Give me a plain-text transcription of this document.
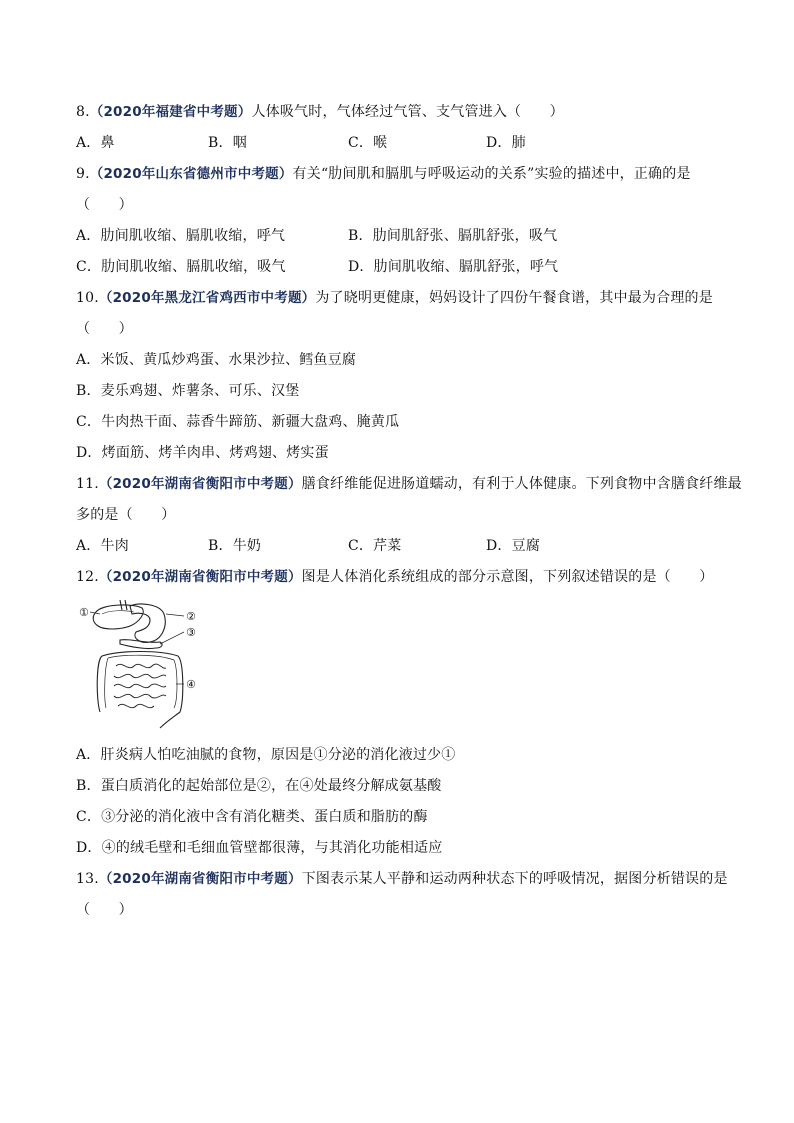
8.（2020年福建省中考题）人体吸气时，气体经过气管、支气管进入（　　）
A．鼻	B．咽	C．喉	D．肺
9.（2020年山东省德州市中考题）有关“肋间肌和膈肌与呼吸运动的关系”实验的描述中，正确的是
（　　）
A．肋间肌收缩、膈肌收缩，呼气	B．肋间肌舒张、膈肌舒张，吸气
C．肋间肌收缩、膈肌收缩，吸气	D．肋间肌收缩、膈肌舒张，呼气
10.（2020年黑龙江省鸡西市中考题）为了晓明更健康，妈妈设计了四份午餐食谱，其中最为合理的是
（　　）
A．米饭、黄瓜炒鸡蛋、水果沙拉、鳕鱼豆腐
B．麦乐鸡翅、炸薯条、可乐、汉堡
C．牛肉热干面、蒜香牛蹄筋、新疆大盘鸡、腌黄瓜
D．烤面筋、烤羊肉串、烤鸡翅、烤实蛋
11.（2020年湖南省衡阳市中考题）膳食纤维能促进肠道蠕动，有利于人体健康。下列食物中含膳食纤维最
多的是（　　）
A．牛肉	B．牛奶	C．芹菜	D．豆腐
12.（2020年湖南省衡阳市中考题）图是人体消化系统组成的部分示意图，下列叙述错误的是（　　）
①	②
③
④
A．肝炎病人怕吃油腻的食物，原因是①分泌的消化液过少①
B．蛋白质消化的起始部位是②，在④处最终分解成氨基酸
C．③分泌的消化液中含有消化糖类、蛋白质和脂肪的酶
D．④的绒毛壁和毛细血管壁都很薄，与其消化功能相适应
13.（2020年湖南省衡阳市中考题）下图表示某人平静和运动两种状态下的呼吸情况，据图分析错误的是
（　　）
